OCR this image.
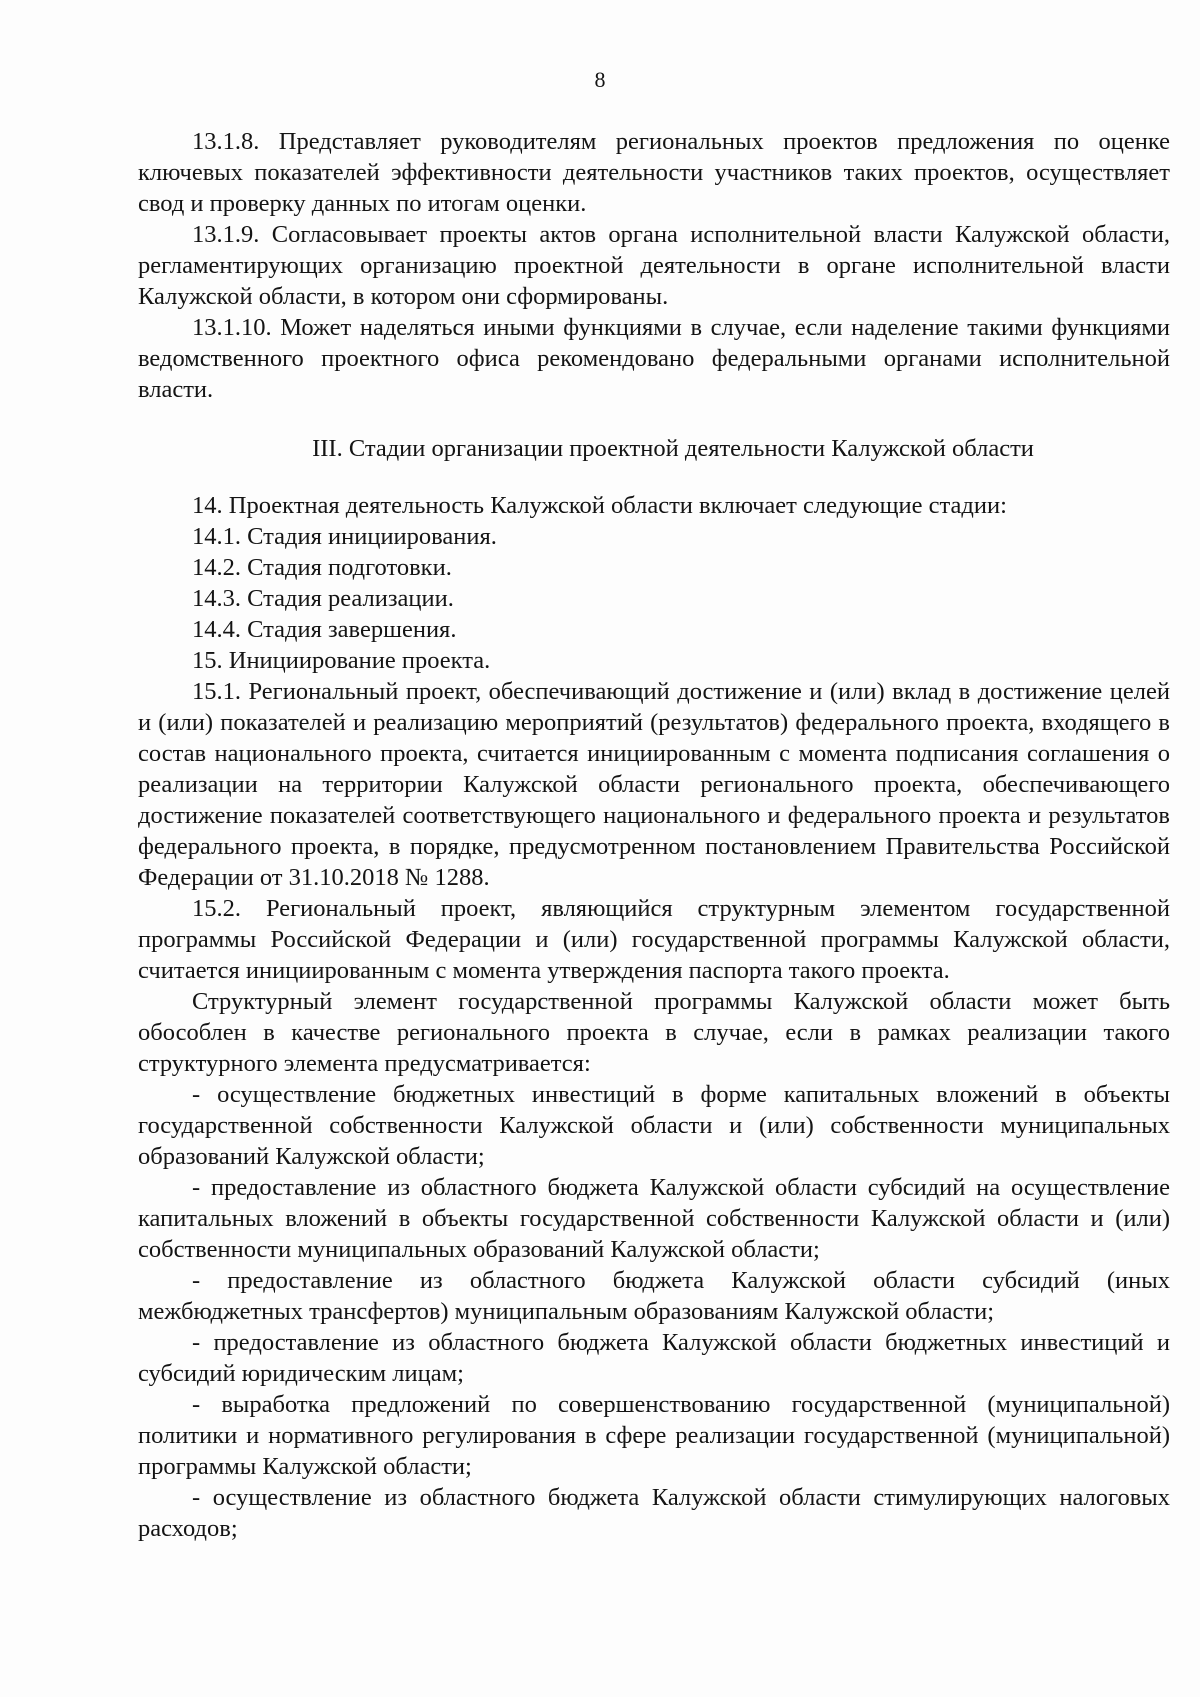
8

13.1.8. Представляет руководителям региональных проектов предложения по оценке ключевых показателей эффективности деятельности участников таких проектов, осуществляет свод и проверку данных по итогам оценки.

13.1.9. Согласовывает проекты актов органа исполнительной власти Калужской области, регламентирующих организацию проектной деятельности в органе исполнительной власти Калужской области, в котором они сформированы.

13.1.10. Может наделяться иными функциями в случае, если наделение такими функциями ведомственного проектного офиса рекомендовано федеральными органами исполнительной власти.

III. Стадии организации проектной деятельности Калужской области

14. Проектная деятельность Калужской области включает следующие стадии:

14.1. Стадия инициирования.

14.2. Стадия подготовки.

14.3. Стадия реализации.

14.4. Стадия завершения.

15. Инициирование проекта.

15.1. Региональный проект, обеспечивающий достижение и (или) вклад в достижение целей и (или) показателей и реализацию мероприятий (результатов) федерального проекта, входящего в состав национального проекта, считается инициированным с момента подписания соглашения о реализации на территории Калужской области регионального проекта, обеспечивающего достижение показателей соответствующего национального и федерального проекта и результатов федерального проекта, в порядке, предусмотренном постановлением Правительства Российской Федерации от 31.10.2018 № 1288.

15.2. Региональный проект, являющийся структурным элементом государственной программы Российской Федерации и (или) государственной программы Калужской области, считается инициированным с момента утверждения паспорта такого проекта.

Структурный элемент государственной программы Калужской области может быть обособлен в качестве регионального проекта в случае, если в рамках реализации такого структурного элемента предусматривается:

- осуществление бюджетных инвестиций в форме капитальных вложений в объекты государственной собственности Калужской области и (или) собственности муниципальных образований Калужской области;

- предоставление из областного бюджета Калужской области субсидий на осуществление капитальных вложений в объекты государственной собственности Калужской области и (или) собственности муниципальных образований Калужской области;

- предоставление из областного бюджета Калужской области субсидий (иных межбюджетных трансфертов) муниципальным образованиям Калужской области;

- предоставление из областного бюджета Калужской области бюджетных инвестиций и субсидий юридическим лицам;

- выработка предложений по совершенствованию государственной (муниципальной) политики и нормативного регулирования в сфере реализации государственной (муниципальной) программы Калужской области;

- осуществление из областного бюджета Калужской области стимулирующих налоговых расходов;
